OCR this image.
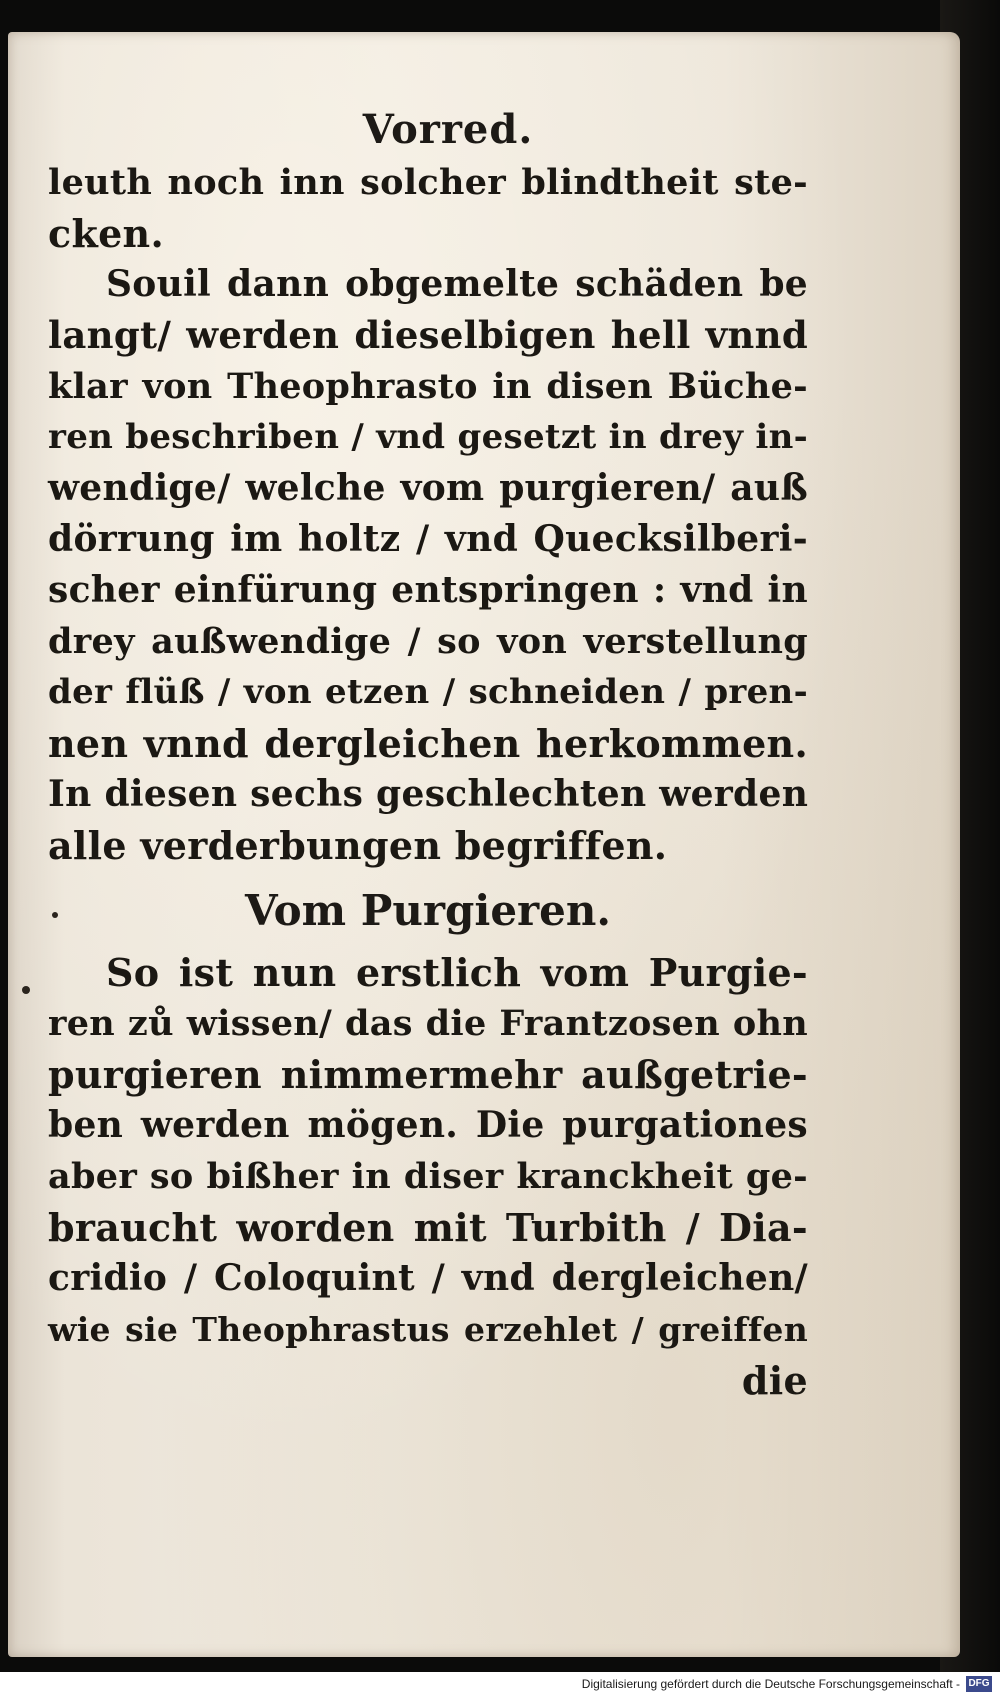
Vorred.
leuth noch inn solcher blindtheit ste-
cken.
Souil dann obgemelte schäden be
langt/ werden dieselbigen hell vnnd
klar von Theophrasto in disen Büche-
ren beschriben / vnd gesetzt in drey in-
wendige/ welche vom purgieren/ auß
dörrung im holtz / vnd Quecksilberi-
scher einfürung entspringen : vnd in
drey außwendige / so von verstellung
der flüß / von etzen / schneiden / pren-
nen vnnd dergleichen herkommen.
In diesen sechs geschlechten werden
alle verderbungen begriffen.
Vom Purgieren.
So ist nun erstlich vom Purgie-
ren zů wissen/ das die Frantzosen ohn
purgieren nimmermehr außgetrie-
ben werden mögen. Die purgationes
aber so bißher in diser kranckheit ge-
braucht worden mit Turbith / Dia-
cridio / Coloquint / vnd dergleichen/
wie sie Theophrastus erzehlet / greiffen
die
Digitalisierung gefördert durch die Deutsche Forschungsgemeinschaft - DFG
